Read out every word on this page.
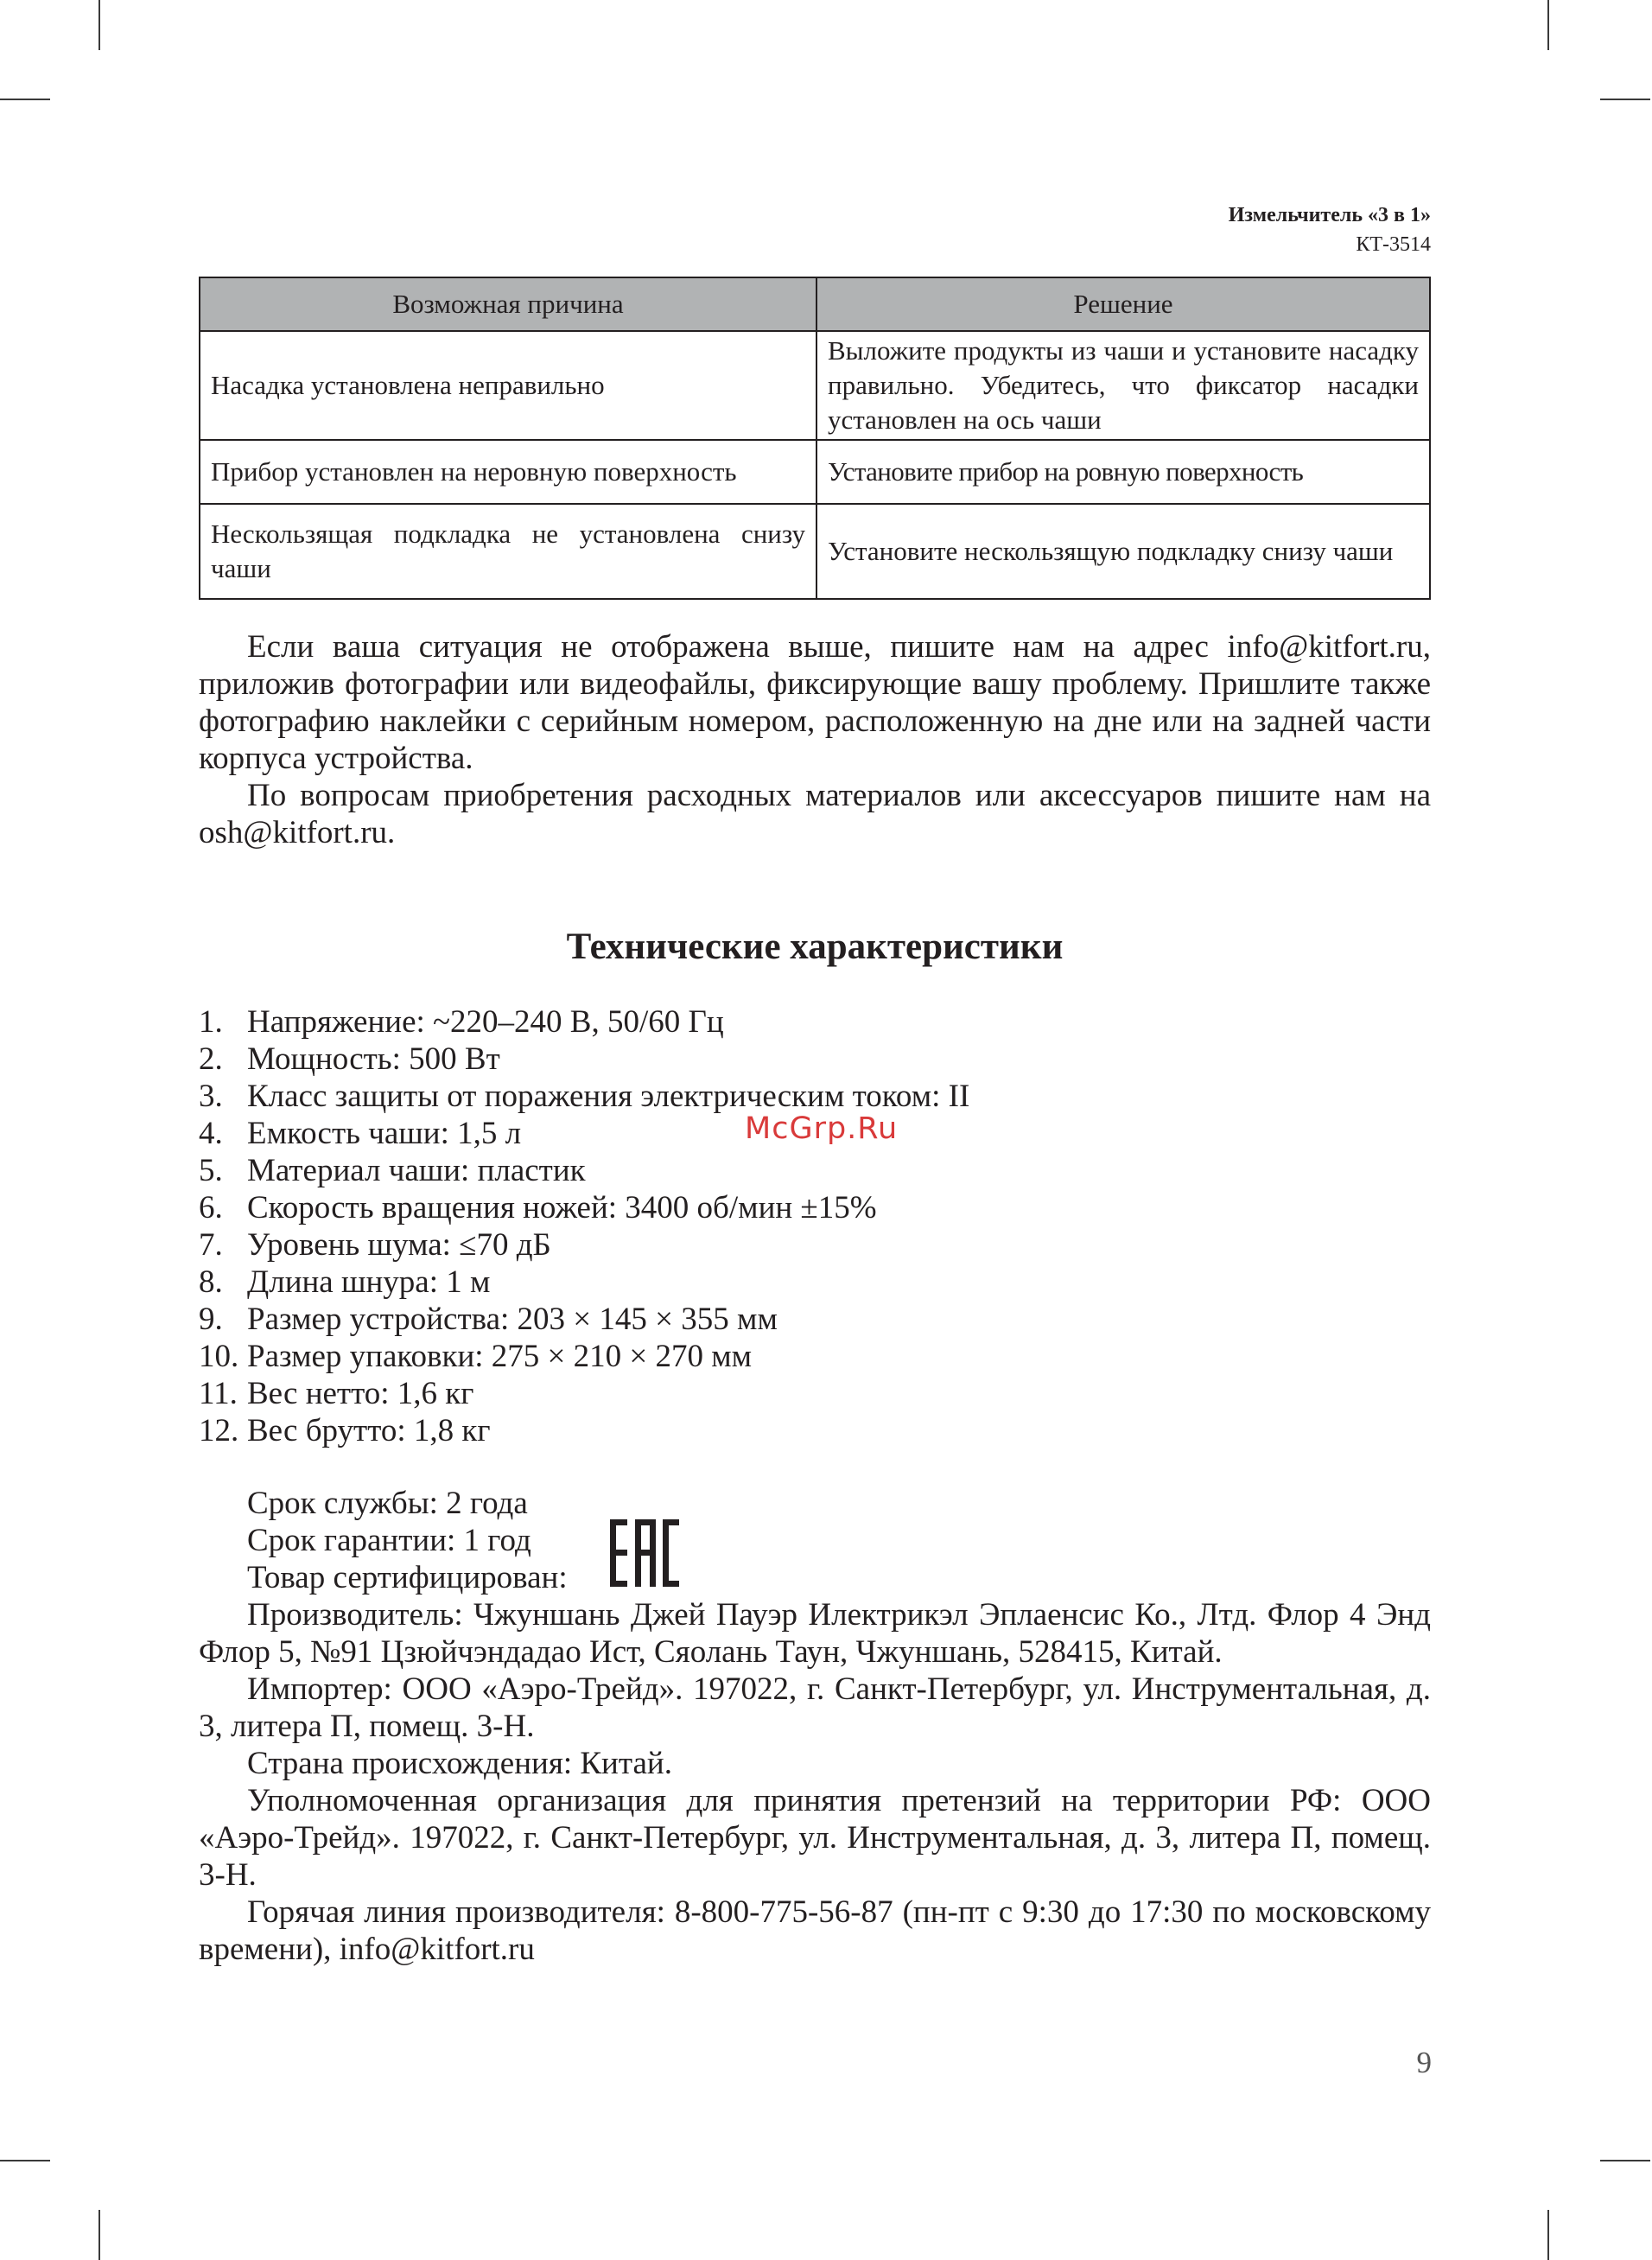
Измельчитель «3 в 1»
КТ-3514
Возможная причина	Решение
Насадка установлена неправильно	Выложите продукты из чаши и установите насадку правильно. Убедитесь, что фиксатор насадки установлен на ось чаши
Прибор установлен на неровную поверхность	Установите прибор на ровную поверхность
Нескользящая подкладка не установлена снизу чаши	Установите нескользящую подкладку снизу чаши

Если ваша ситуация не отображена выше, пишите нам на адрес info@kitfort.ru, приложив фотографии или видеофайлы, фиксирующие вашу проблему. Пришлите также фотографию наклейки с серийным номером, расположенную на дне или на задней части корпуса устройства.

По вопросам приобретения расходных материалов или аксессуаров пишите нам на osh@kitfort.ru.

Технические характеристики
1. Напряжение: ~220–240 В, 50/60 Гц
2. Мощность: 500 Вт
3. Класс защиты от поражения электрическим током: II
4. Емкость чаши: 1,5 л
5. Материал чаши: пластик
6. Скорость вращения ножей: 3400 об/мин ±15%
7. Уровень шума: ≤70 дБ
8. Длина шнура: 1 м
9. Размер устройства: 203 × 145 × 355 мм
10. Размер упаковки: 275 × 210 × 270 мм
11. Вес нетто: 1,6 кг
12. Вес брутто: 1,8 кг
McGrp.Ru

Срок службы: 2 года

Срок гарантии: 1 год

Товар сертифицирован:

Производитель: Чжуншань Джей Пауэр Илектрикэл Эплаенсис Ко., Лтд. Флор 4 Энд Флор 5, №91 Цзюйчэндадао Ист, Сяолань Таун, Чжуншань, 528415, Китай.

Импортер: ООО «Аэро-Трейд». 197022, г. Санкт-Петербург, ул. Инструментальная, д. 3, литера П, помещ. 3-Н.

Страна происхождения: Китай.

Уполномоченная организация для принятия претензий на территории РФ: ООО «Аэро-Трейд». 197022, г. Санкт-Петербург, ул. Инструментальная, д. 3, литера П, помещ. 3-Н.

Горячая линия производителя: 8-800-775-56-87 (пн-пт с 9:30 до 17:30 по московскому времени), info@kitfort.ru

9
